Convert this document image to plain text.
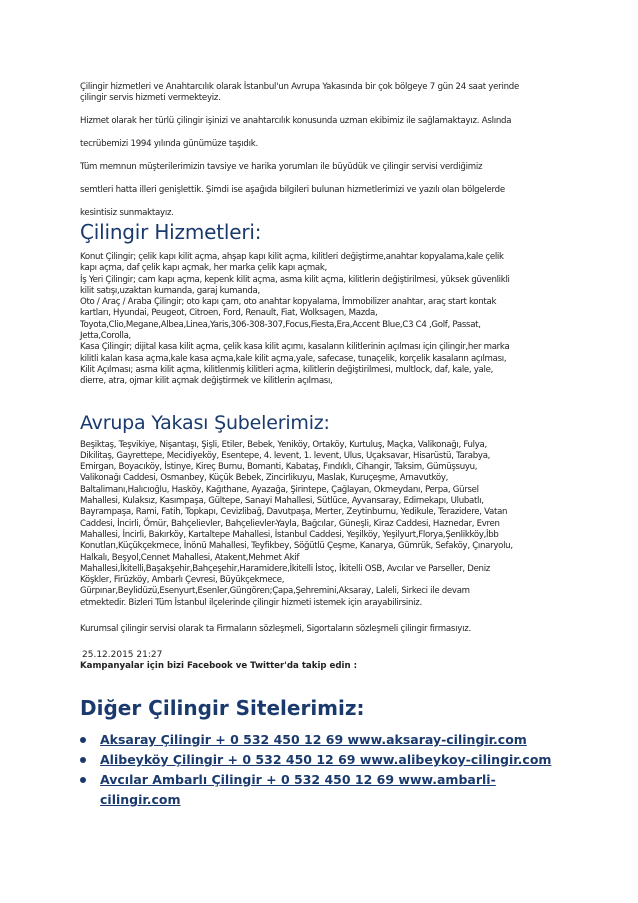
Çilingir hizmetleri ve Anahtarcılık olarak İstanbul'un Avrupa Yakasında bir çok bölgeye 7 gün 24 saat yerinde

çilingir servis hizmeti vermekteyiz.

Hizmet olarak her türlü çilingir işinizi ve anahtarcılık konusunda uzman ekibimiz ile sağlamaktayız. Aslında

tecrübemizi 1994 yılında günümüze taşıdık.

Tüm memnun müşterilerimizin tavsiye ve harika yorumları ile büyüdük ve çilingir servisi verdiğimiz

semtleri hatta illeri genişlettik. Şimdi ise aşağıda bilgileri bulunan hizmetlerimizi ve yazılı olan bölgelerde

kesintisiz sunmaktayız.

Çilingir Hizmetleri:

Konut Çilingir; çelik kapı kilit açma, ahşap kapı kilit açma, kilitleri değiştirme,anahtar kopyalama,kale çelik

kapı açma, daf çelik kapı açmak, her marka çelik kapı açmak,

İş Yeri Çilingir; cam kapı açma, kepenk kilit açma, asma kilit açma, kilitlerin değiştirilmesi, yüksek güvenlikli

kilit satışı,uzaktan kumanda, garaj kumanda,

Oto / Araç / Araba Çilingir; oto kapı çam, oto anahtar kopyalama, İmmobilizer anahtar, araç start kontak

kartları, Hyundai, Peugeot, Citroen, Ford, Renault, Fiat, Wolksagen, Mazda,

Toyota,Clio,Megane,Albea,Linea,Yaris,306-308-307,Focus,Fiesta,Era,Accent Blue,C3 C4 ,Golf, Passat,

Jetta,Corolla,

Kasa Çilingir; dijital kasa kilit açma, çelik kasa kilit açımı, kasaların kilitlerinin açılması için çilingir,her marka

kilitli kalan kasa açma,kale kasa açma,kale kilit açma,yale, safecase, tunaçelik, korçelik kasaların açılması,

Kilit Açılması; asma kilit açma, kilitlenmiş kilitleri açma, kilitlerin değiştirilmesi, multlock, daf, kale, yale,

dierre, atra, ojmar kilit açmak değiştirmek ve kilitlerin açılması,

Avrupa Yakası Şubelerimiz:

Beşiktaş, Teşvikiye, Nişantaşı, Şişli, Etiler, Bebek, Yeniköy, Ortaköy, Kurtuluş, Maçka, Valikonağı, Fulya,

Dikilitaş, Gayrettepe, Mecidiyeköy, Esentepe, 4. levent, 1. levent, Ulus, Uçaksavar, Hisarüstü, Tarabya,

Emirgan, Boyacıköy, İstinye, Kireç Burnu, Bomanti, Kabataş, Fındıklı, Cihangir, Taksim, Gümüşsuyu,

Valikonağı Caddesi, Osmanbey, Küçük Bebek, Zincirlikuyu, Maslak, Kuruçeşme, Arnavutköy,

Baltalimanı,Halıcıoğlu, Hasköy, Kağıthane, Ayazağa, Şirintepe, Çağlayan, Okmeydanı, Perpa, Gürsel

Mahallesi, Kulaksız, Kasımpaşa, Gültepe, Sanayi Mahallesi, Sütlüce, Ayvansaray, Edirnekapı, Ulubatlı,

Bayrampaşa, Rami, Fatih, Topkapı, Cevizlibağ, Davutpaşa, Merter, Zeytinburnu, Yedikule, Terazidere, Vatan

Caddesi, İncirli, Ömür, Bahçelievler, Bahçelievler-Yayla, Bağcılar, Güneşli, Kiraz Caddesi, Haznedar, Evren

Mahallesi, İncirli, Bakırköy, Kartaltepe Mahallesi, İstanbul Caddesi, Yeşilköy, Yeşilyurt,Florya,Şenlikköy,İbb

Konutları,Küçükçekmece, İnönü Mahallesi, Teyfikbey, Söğütlü Çeşme, Kanarya, Gümrük, Sefaköy, Çınaryolu,

Halkalı, Beşyol,Cennet Mahallesi, Atakent,Mehmet Akif

Mahallesi,İkitelli,Başakşehir,Bahçeşehir,Haramidere,İkitelli İstoç, İkitelli OSB, Avcılar ve Parseller, Deniz

Köşkler, Firüzköy, Ambarlı Çevresi, Büyükçekmece,

Gürpınar,Beylidüzü,Esenyurt,Esenler,Güngören;Çapa,Şehremini,Aksaray, Laleli, Sirkeci ile devam

etmektedir. Bizleri Tüm İstanbul ilçelerinde çilingir hizmeti istemek için arayabilirsiniz.

Kurumsal çilingir servisi olarak ta Firmaların sözleşmeli, Sigortaların sözleşmeli çilingir firmasıyız.

25.12.2015 21:27

Kampanyalar için bizi Facebook ve Twitter'da takip edin :

Diğer Çilingir Sitelerimiz:
Aksaray Çilingir + 0 532 450 12 69 www.aksaray-cilingir.com
Alibeyköy Çilingir + 0 532 450 12 69 www.alibeykoy-cilingir.com
Avcılar Ambarlı Çilingir + 0 532 450 12 69 www.ambarli-cilingir.com
